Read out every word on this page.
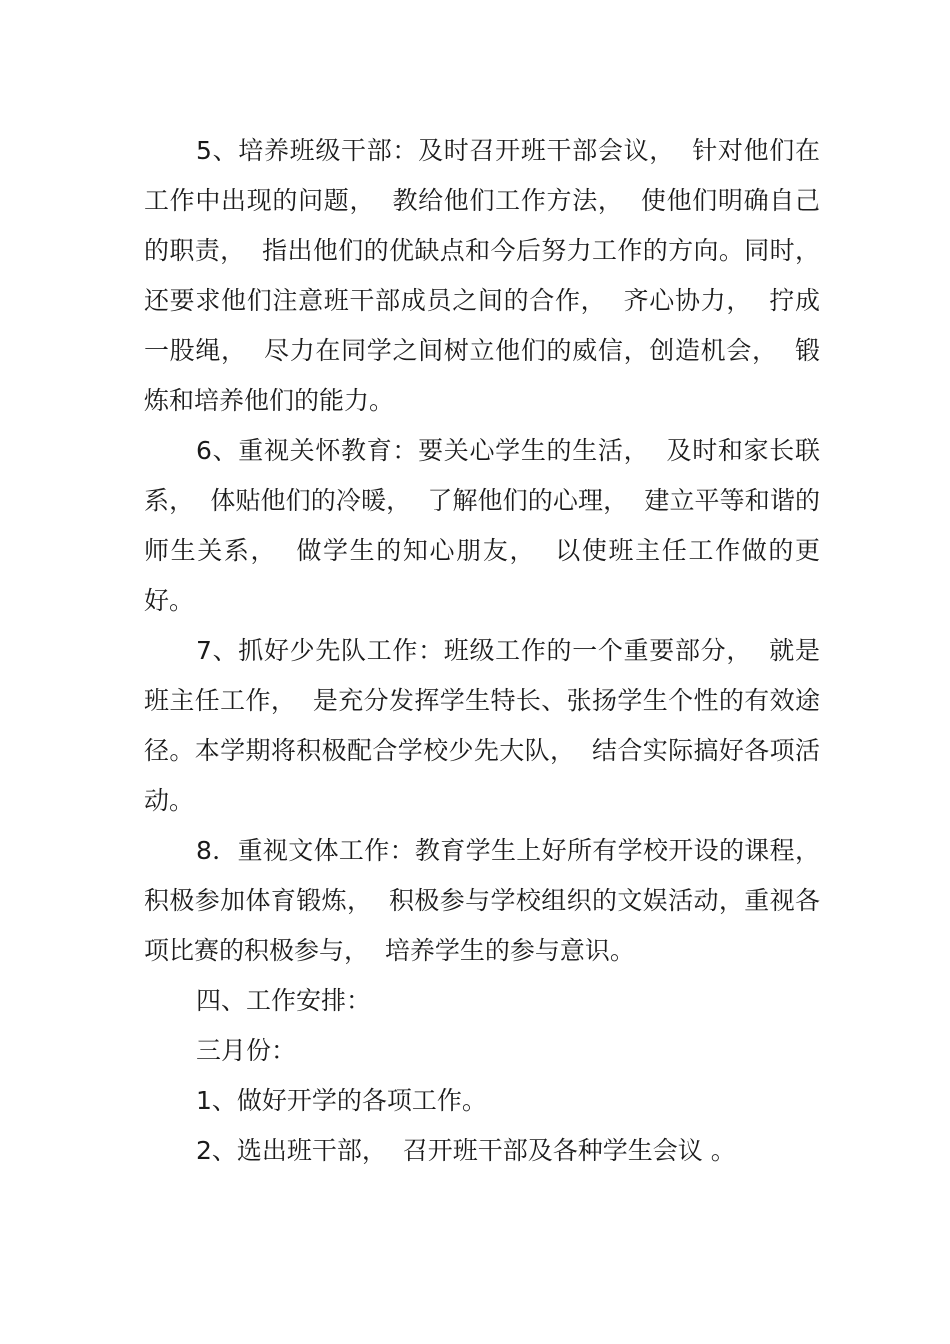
5、培养班级干部：及时召开班干部会议，  针对他们在工作中出现的问题，  教给他们工作方法，  使他们明确自己的职责，  指出他们的优缺点和今后努力工作的方向。同时，  还要求他们注意班干部成员之间的合作，  齐心协力，  拧成一股绳，  尽力在同学之间树立他们的威信，创造机会，  锻炼和培养他们的能力。

6、重视关怀教育：要关心学生的生活，  及时和家长联系，  体贴他们的冷暖，  了解他们的心理，  建立平等和谐的师生关系，  做学生的知心朋友，  以使班主任工作做的更好。

7、抓好少先队工作：班级工作的一个重要部分，  就是班主任工作，  是充分发挥学生特长、张扬学生个性的有效途径。本学期将积极配合学校少先大队，  结合实际搞好各项活动。

8．重视文体工作：教育学生上好所有学校开设的课程，积极参加体育锻炼，  积极参与学校组织的文娱活动，重视各项比赛的积极参与，  培养学生的参与意识。

四、工作安排：

三月份：

1、做好开学的各项工作。

2、选出班干部，  召开班干部及各种学生会议 。
